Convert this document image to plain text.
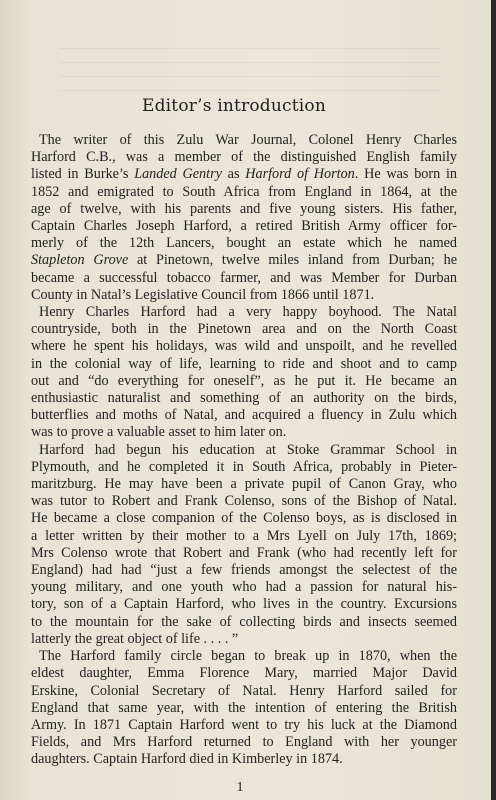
Editor’s introduction
The writer of this Zulu War Journal, Colonel Henry Charles
Harford C.B., was a member of the distinguished English family
listed in Burke’s Landed Gentry as Harford of Horton. He was born in
1852 and emigrated to South Africa from England in 1864, at the
age of twelve, with his parents and five young sisters. His father,
Captain Charles Joseph Harford, a retired British Army officer for-
merly of the 12th Lancers, bought an estate which he named
Stapleton Grove at Pinetown, twelve miles inland from Durban; he
became a successful tobacco farmer, and was Member for Durban
County in Natal’s Legislative Council from 1866 until 1871.
Henry Charles Harford had a very happy boyhood. The Natal
countryside, both in the Pinetown area and on the North Coast
where he spent his holidays, was wild and unspoilt, and he revelled
in the colonial way of life, learning to ride and shoot and to camp
out and “do everything for oneself”, as he put it. He became an
enthusiastic naturalist and something of an authority on the birds,
butterflies and moths of Natal, and acquired a fluency in Zulu which
was to prove a valuable asset to him later on.
Harford had begun his education at Stoke Grammar School in
Plymouth, and he completed it in South Africa, probably in Pieter-
maritzburg. He may have been a private pupil of Canon Gray, who
was tutor to Robert and Frank Colenso, sons of the Bishop of Natal.
He became a close companion of the Colenso boys, as is disclosed in
a letter written by their mother to a Mrs Lyell on July 17th, 1869;
Mrs Colenso wrote that Robert and Frank (who had recently left for
England) had had “just a few friends amongst the selectest of the
young military, and one youth who had a passion for natural his-
tory, son of a Captain Harford, who lives in the country. Excursions
to the mountain for the sake of collecting birds and insects seemed
latterly the great object of life . . . . ”
The Harford family circle began to break up in 1870, when the
eldest daughter, Emma Florence Mary, married Major David
Erskine, Colonial Secretary of Natal. Henry Harford sailed for
England that same year, with the intention of entering the British
Army. In 1871 Captain Harford went to try his luck at the Diamond
Fields, and Mrs Harford returned to England with her younger
daughters. Captain Harford died in Kimberley in 1874.
1
